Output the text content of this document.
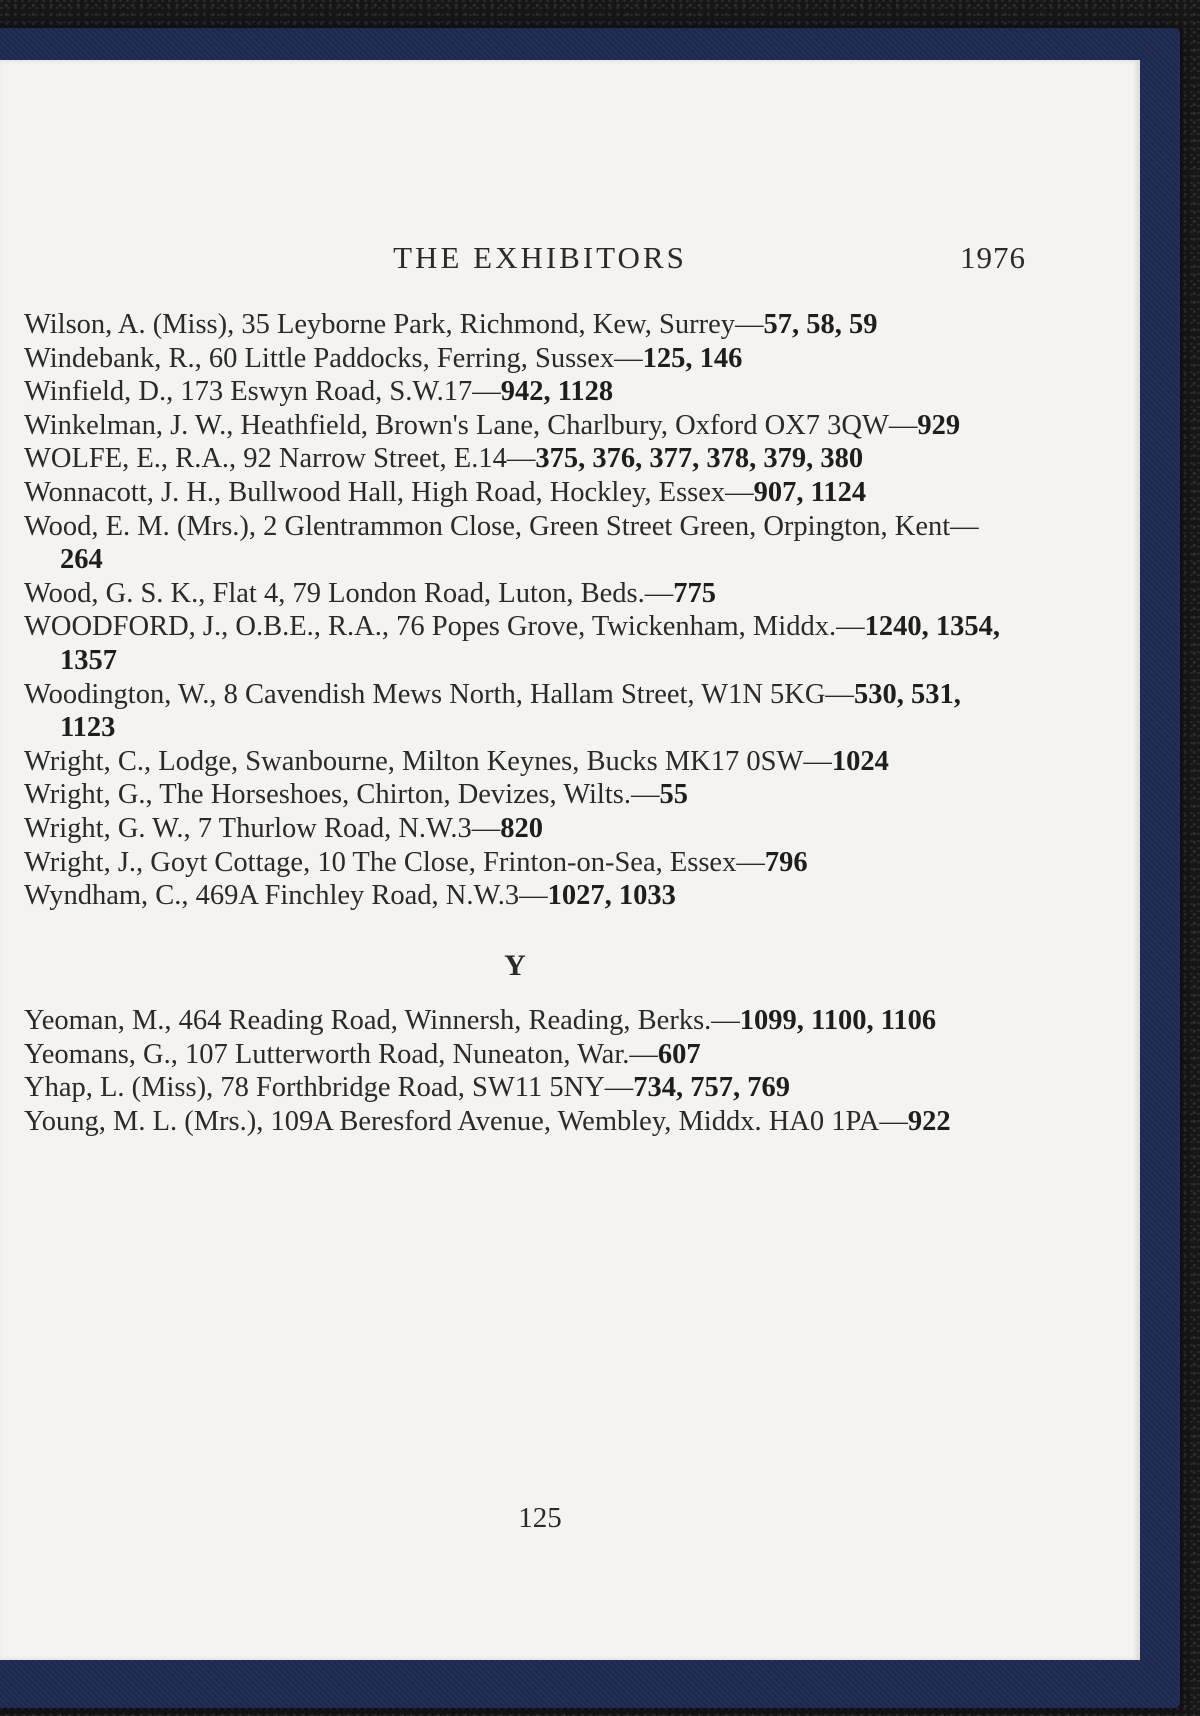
THE EXHIBITORS	1976
Wilson, A. (Miss), 35 Leyborne Park, Richmond, Kew, Surrey—57, 58, 59
Windebank, R., 60 Little Paddocks, Ferring, Sussex—125, 146
Winfield, D., 173 Eswyn Road, S.W.17—942, 1128
Winkelman, J. W., Heathfield, Brown's Lane, Charlbury, Oxford OX7 3QW—929
WOLFE, E., R.A., 92 Narrow Street, E.14—375, 376, 377, 378, 379, 380
Wonnacott, J. H., Bullwood Hall, High Road, Hockley, Essex—907, 1124
Wood, E. M. (Mrs.), 2 Glentrammon Close, Green Street Green, Orpington, Kent—264
Wood, G. S. K., Flat 4, 79 London Road, Luton, Beds.—775
WOODFORD, J., O.B.E., R.A., 76 Popes Grove, Twickenham, Middx.—1240, 1354, 1357
Woodington, W., 8 Cavendish Mews North, Hallam Street, W1N 5KG—530, 531, 1123
Wright, C., Lodge, Swanbourne, Milton Keynes, Bucks MK17 0SW—1024
Wright, G., The Horseshoes, Chirton, Devizes, Wilts.—55
Wright, G. W., 7 Thurlow Road, N.W.3—820
Wright, J., Goyt Cottage, 10 The Close, Frinton-on-Sea, Essex—796
Wyndham, C., 469A Finchley Road, N.W.3—1027, 1033
Y
Yeoman, M., 464 Reading Road, Winnersh, Reading, Berks.—1099, 1100, 1106
Yeomans, G., 107 Lutterworth Road, Nuneaton, War.—607
Yhap, L. (Miss), 78 Forthbridge Road, SW11 5NY—734, 757, 769
Young, M. L. (Mrs.), 109A Beresford Avenue, Wembley, Middx. HA0 1PA—922
125
